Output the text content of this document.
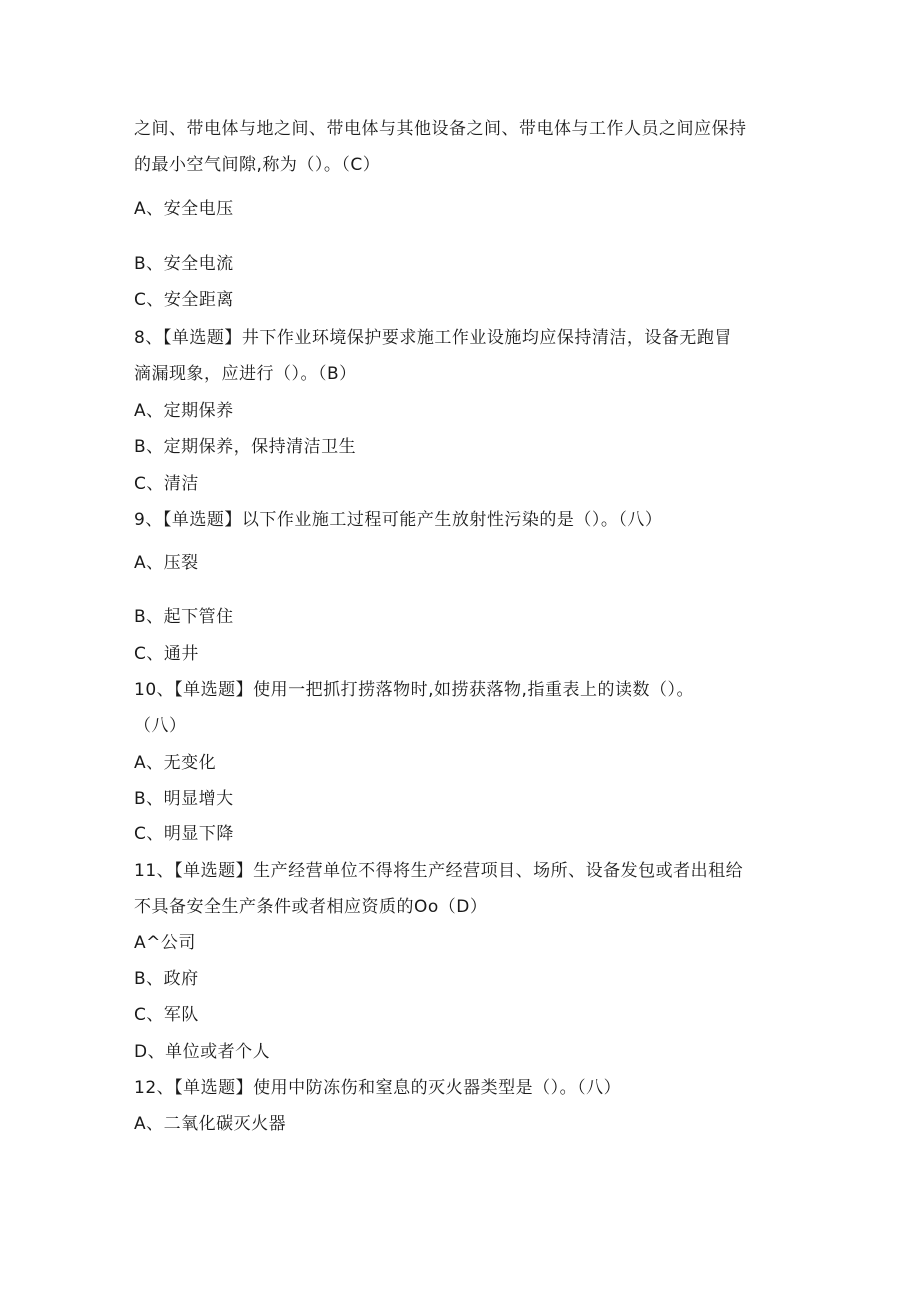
之间、带电体与地之间、带电体与其他设备之间、带电体与工作人员之间应保持
的最小空气间隙,称为（）。（C）
A、安全电压
B、安全电流
C、安全距离
8、【单选题】井下作业环境保护要求施工作业设施均应保持清洁，设备无跑冒
滴漏现象，应进行（）。（B）
A、定期保养
B、定期保养，保持清洁卫生
C、清洁
9、【单选题】以下作业施工过程可能产生放射性污染的是（）。（八）
A、压裂
B、起下管住
C、通井
10、【单选题】使用一把抓打捞落物时,如捞获落物,指重表上的读数（）。
（八）
A、无变化
B、明显增大
C、明显下降
11、【单选题】生产经营单位不得将生产经营项目、场所、设备发包或者出租给
不具备安全生产条件或者相应资质的Oo（D）
A^公司
B、政府
C、军队
D、单位或者个人
12、【单选题】使用中防冻伤和窒息的灭火器类型是（）。（八）
A、二氧化碳灭火器
